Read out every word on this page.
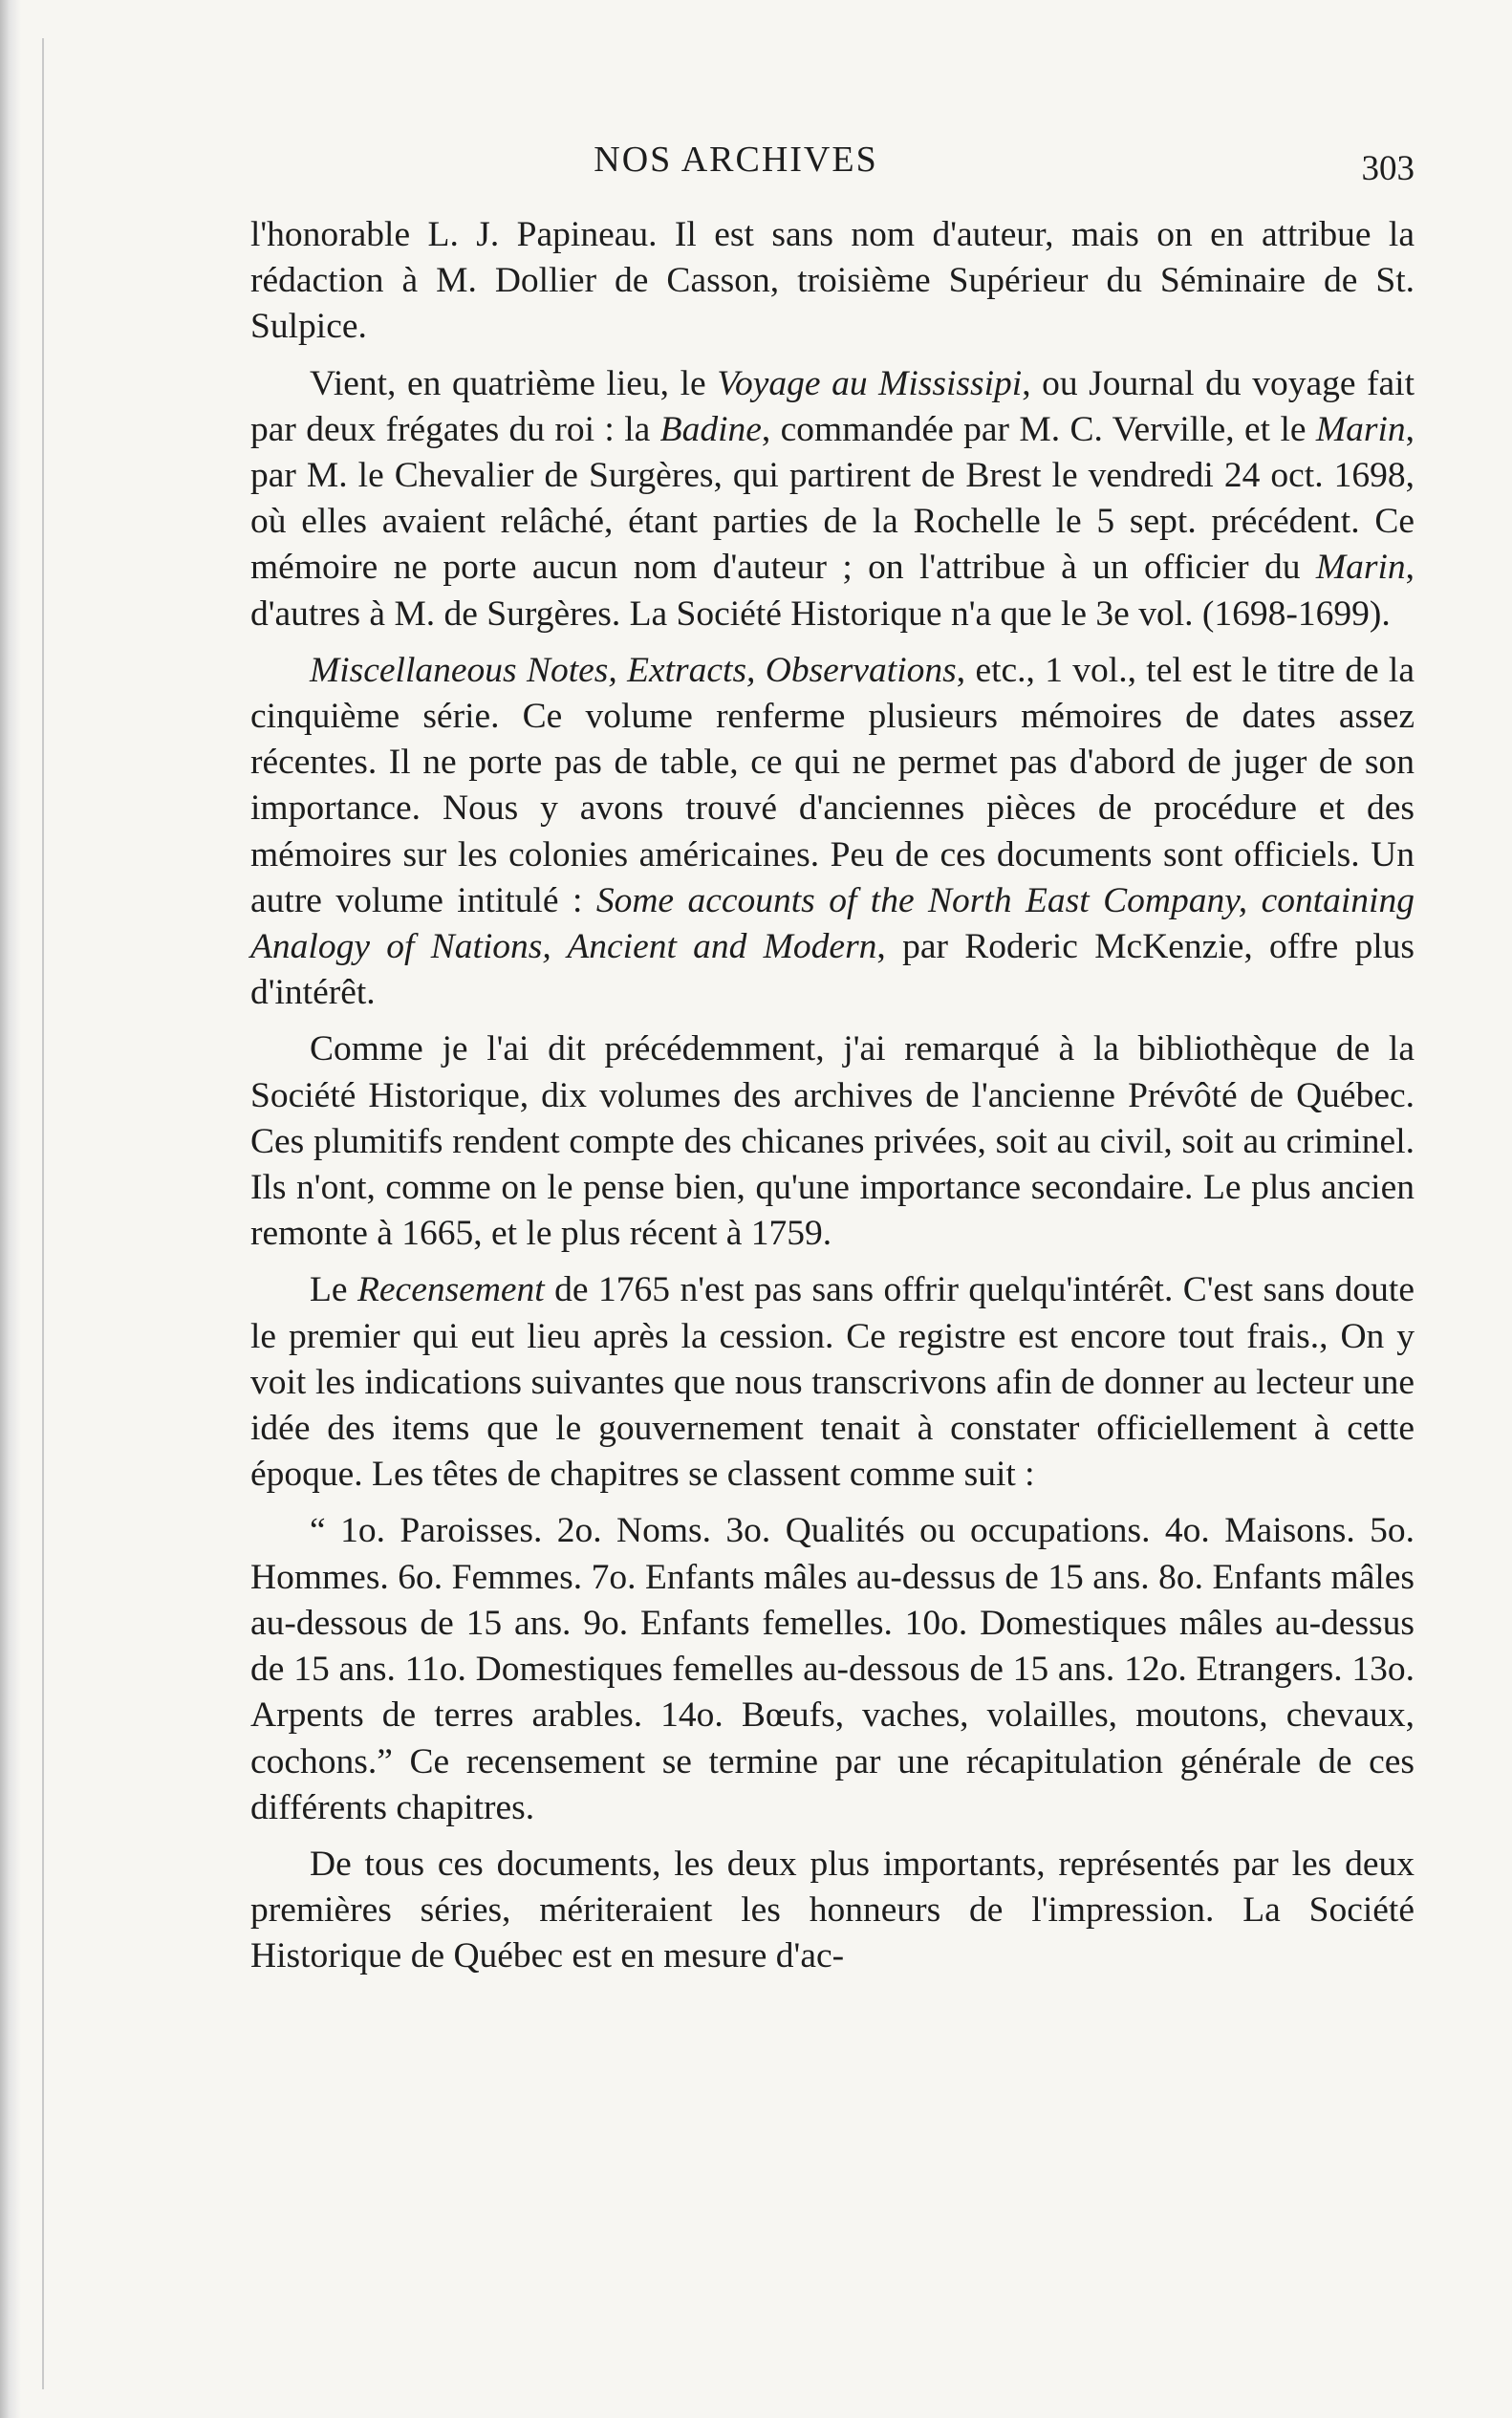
NOS ARCHIVES	303

l'honorable L. J. Papineau. Il est sans nom d'auteur, mais on en attribue la rédaction à M. Dollier de Casson, troisième Supérieur du Séminaire de St. Sulpice.

Vient, en quatrième lieu, le Voyage au Mississipi, ou Journal du voyage fait par deux frégates du roi : la Badine, commandée par M. C. Verville, et le Marin, par M. le Chevalier de Surgères, qui partirent de Brest le vendredi 24 oct. 1698, où elles avaient relâché, étant parties de la Rochelle le 5 sept. précédent. Ce mémoire ne porte aucun nom d'auteur ; on l'attribue à un officier du Marin, d'autres à M. de Surgères. La Société Historique n'a que le 3e vol. (1698-1699).

Miscellaneous Notes, Extracts, Observations, etc., 1 vol., tel est le titre de la cinquième série. Ce volume renferme plusieurs mémoires de dates assez récentes. Il ne porte pas de table, ce qui ne permet pas d'abord de juger de son importance. Nous y avons trouvé d'anciennes pièces de procédure et des mémoires sur les colonies américaines. Peu de ces documents sont officiels. Un autre volume intitulé : Some accounts of the North East Company, containing Analogy of Nations, Ancient and Modern, par Roderic McKenzie, offre plus d'intérêt.

Comme je l'ai dit précédemment, j'ai remarqué à la bibliothèque de la Société Historique, dix volumes des archives de l'ancienne Prévôté de Québec. Ces plumitifs rendent compte des chicanes privées, soit au civil, soit au criminel. Ils n'ont, comme on le pense bien, qu'une importance secondaire. Le plus ancien remonte à 1665, et le plus récent à 1759.

Le Recensement de 1765 n'est pas sans offrir quelqu'intérêt. C'est sans doute le premier qui eut lieu après la cession. Ce registre est encore tout frais., On y voit les indications suivantes que nous transcrivons afin de donner au lecteur une idée des items que le gouvernement tenait à constater officiellement à cette époque. Les têtes de chapitres se classent comme suit :

“ 1o. Paroisses. 2o. Noms. 3o. Qualités ou occupations. 4o. Maisons. 5o. Hommes. 6o. Femmes. 7o. Enfants mâles au-dessus de 15 ans. 8o. Enfants mâles au-dessous de 15 ans. 9o. Enfants femelles. 10o. Domestiques mâles au-dessus de 15 ans. 11o. Domestiques femelles au-dessous de 15 ans. 12o. Etrangers. 13o. Arpents de terres arables. 14o. Bœufs, vaches, volailles, moutons, chevaux, cochons.” Ce recensement se termine par une récapitulation générale de ces différents chapitres.

De tous ces documents, les deux plus importants, représentés par les deux premières séries, mériteraient les honneurs de l'impression. La Société Historique de Québec est en mesure d'ac-
